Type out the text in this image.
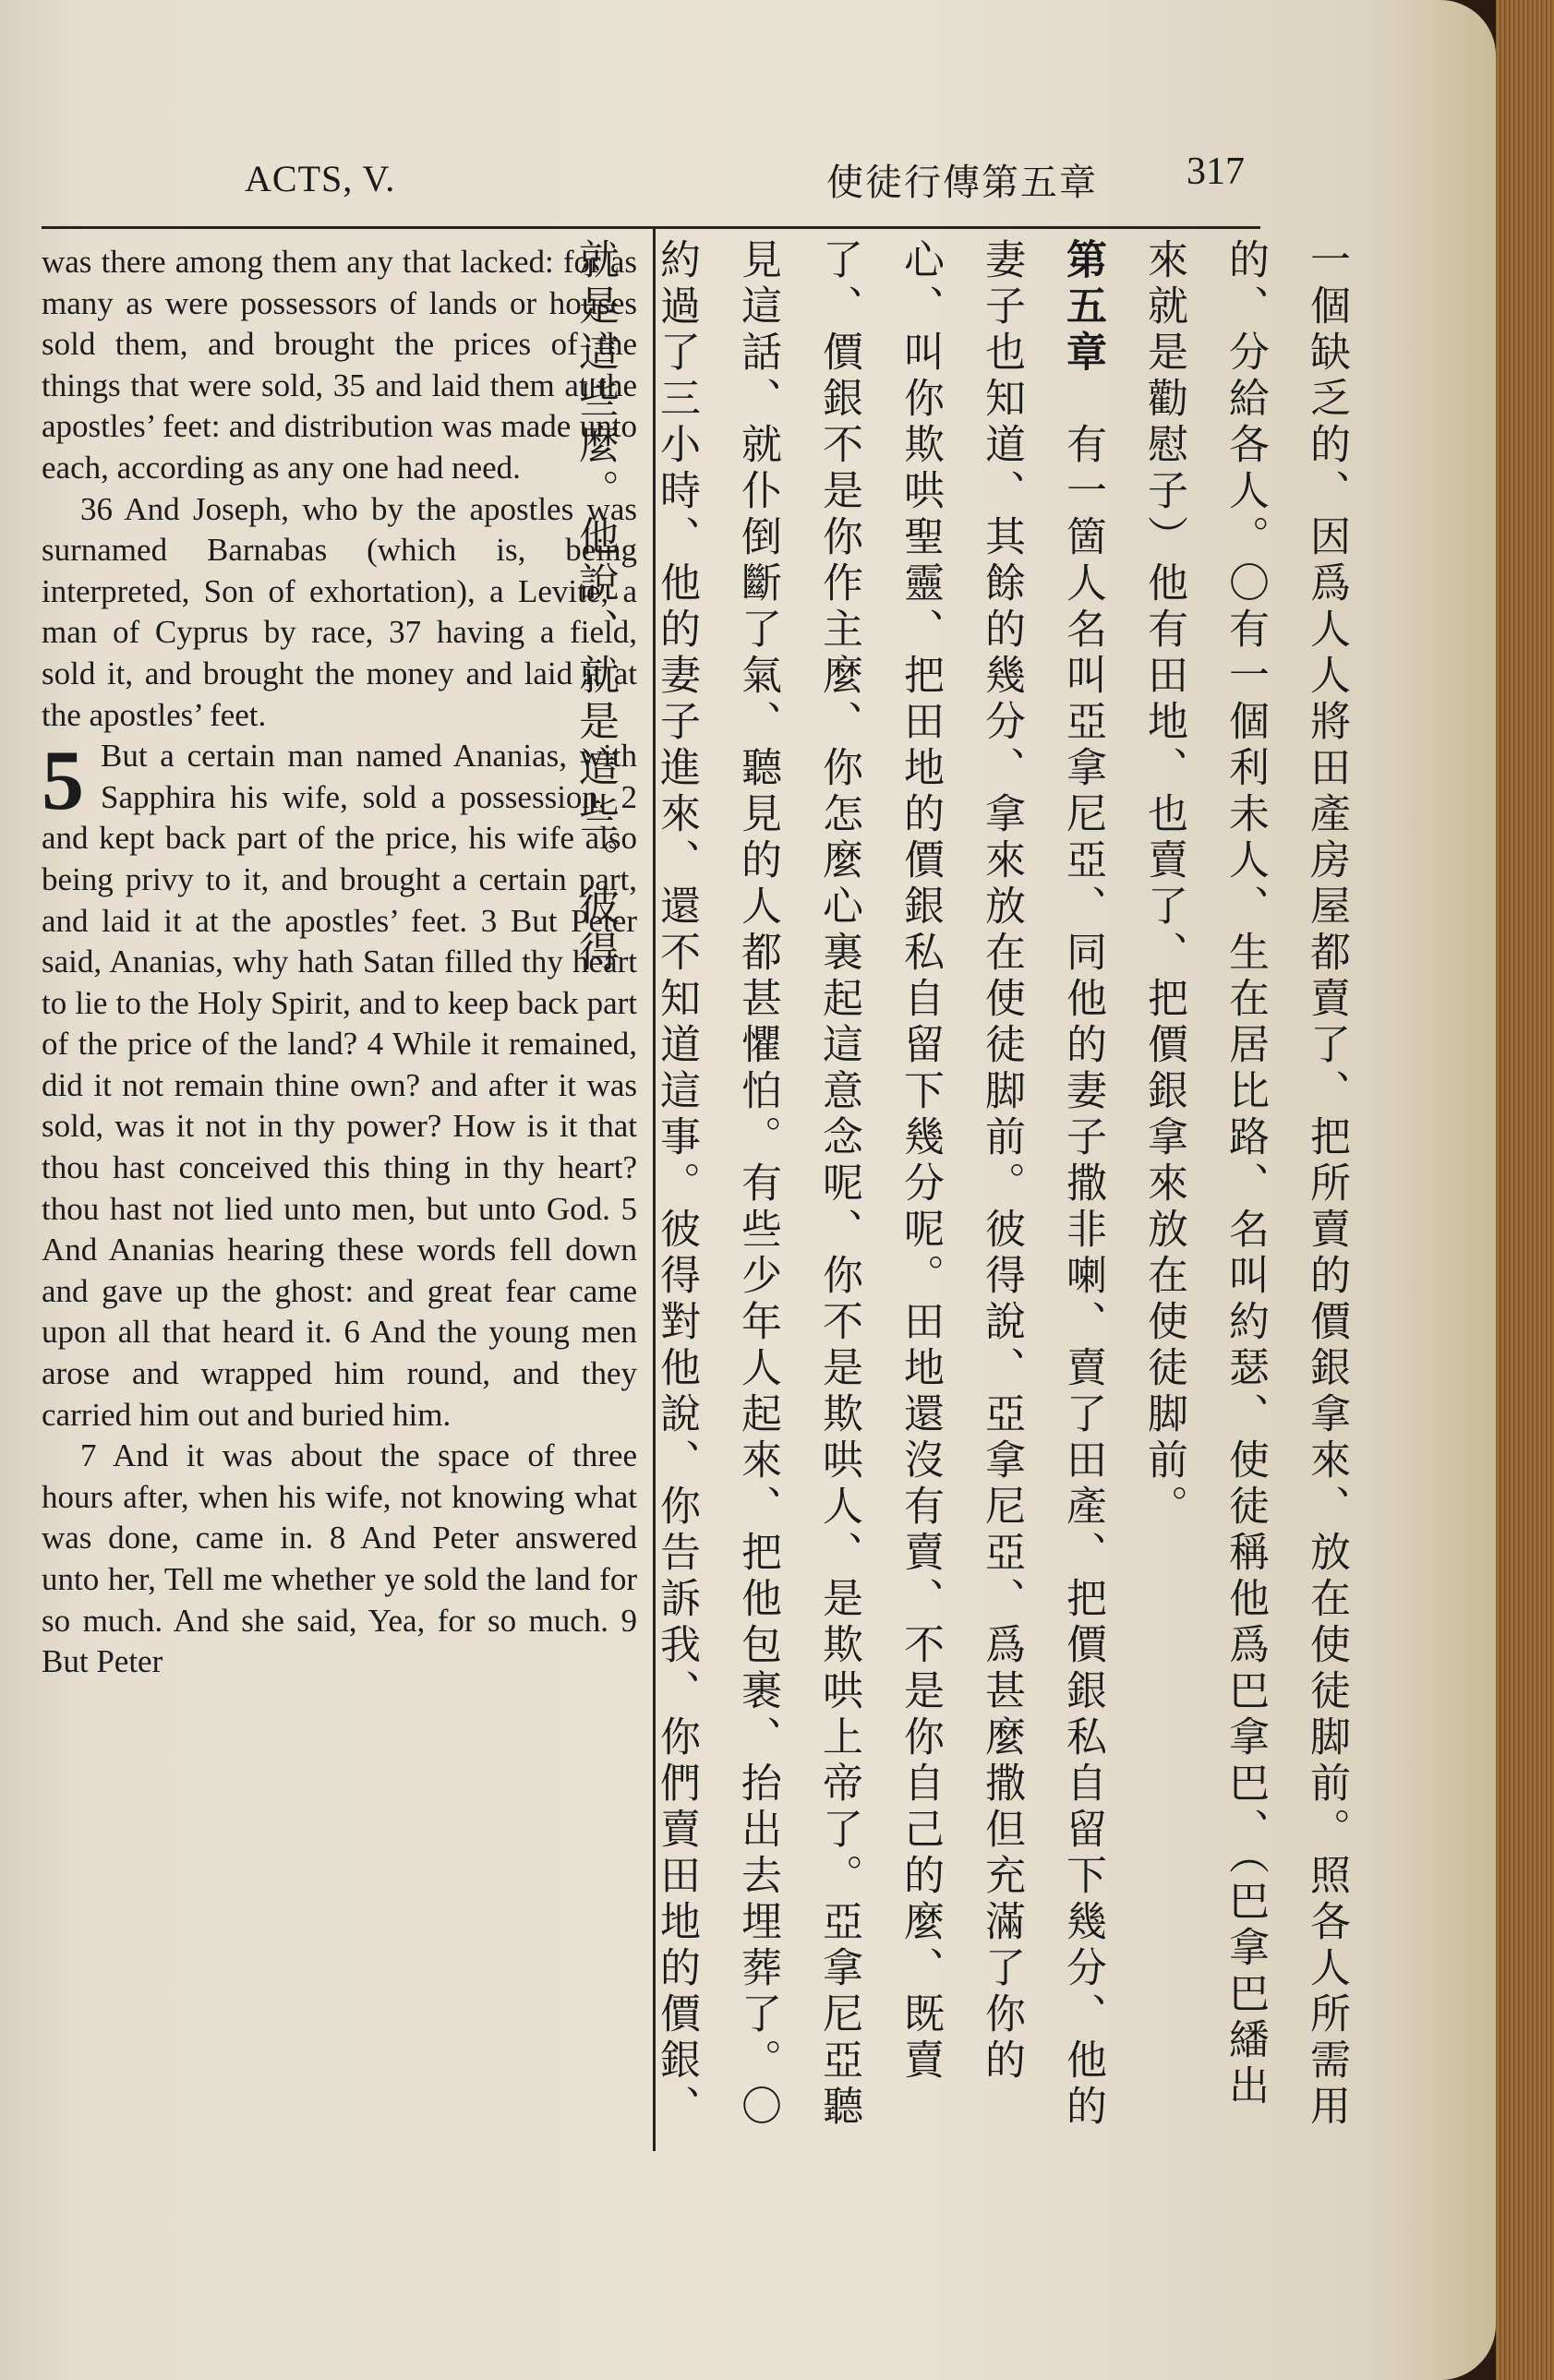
ACTS, V.	使徒行傳第五章 317

was there among them any that lacked: for as many as were possessors of lands or houses sold them, and brought the prices of the things that were sold, 35 and laid them at the apostles’ feet: and distribution was made unto each, according as any one had need.

36 And Joseph, who by the apostles was surnamed Barnabas (which is, being interpreted, Son of exhortation), a Levite, a man of Cyprus by race, 37 having a field, sold it, and brought the money and laid it at the apostles’ feet.

5 But a certain man named Ananias, with Sapphira his wife, sold a possession, 2 and kept back part of the price, his wife also being privy to it, and brought a certain part, and laid it at the apostles’ feet. 3 But Peter said, Ananias, why hath Satan filled thy heart to lie to the Holy Spirit, and to keep back part of the price of the land? 4 While it remained, did it not remain thine own? and after it was sold, was it not in thy power? How is it that thou hast conceived this thing in thy heart? thou hast not lied unto men, but unto God. 5 And Ananias hearing these words fell down and gave up the ghost: and great fear came upon all that heard it. 6 And the young men arose and wrapped him round, and they carried him out and buried him.

7 And it was about the space of three hours after, when his wife, not knowing what was done, came in. 8 And Peter answered unto her, Tell me whether ye sold the land for so much. And she said, Yea, for so much. 9 But Peter	一個缺乏的、因爲人人將田產房屋都賣了、把所賣的價銀拿來、放在使徒脚前。照各人所需用的、分給各人。〇有一個利未人、生在居比路、名叫約瑟、使徒稱他爲巴拿巴、（巴拿巴繙出來就是勸慰子）他有田地、也賣了、把價銀拿來放在使徒脚前。

第五章　有一箇人名叫亞拿尼亞、同他的妻子撒非喇、賣了田產、把價銀私自留下幾分、他的妻子也知道、其餘的幾分、拿來放在使徒脚前。彼得說、亞拿尼亞、爲甚麼撒但充滿了你的心、叫你欺哄聖靈、把田地的價銀私自留下幾分呢。田地還沒有賣、不是你自己的麼、既賣了、價銀不是你作主麼、你怎麼心裏起這意念呢、你不是欺哄人、是欺哄上帝了。亞拿尼亞聽見這話、就仆倒斷了氣、聽見的人都甚懼怕。有些少年人起來、把他包裹、抬出去埋葬了。〇約過了三小時、他的妻子進來、還不知道這事。彼得對他說、你告訴我、你們賣田地的價銀、就是這些麼。他說、就是這些。彼得
